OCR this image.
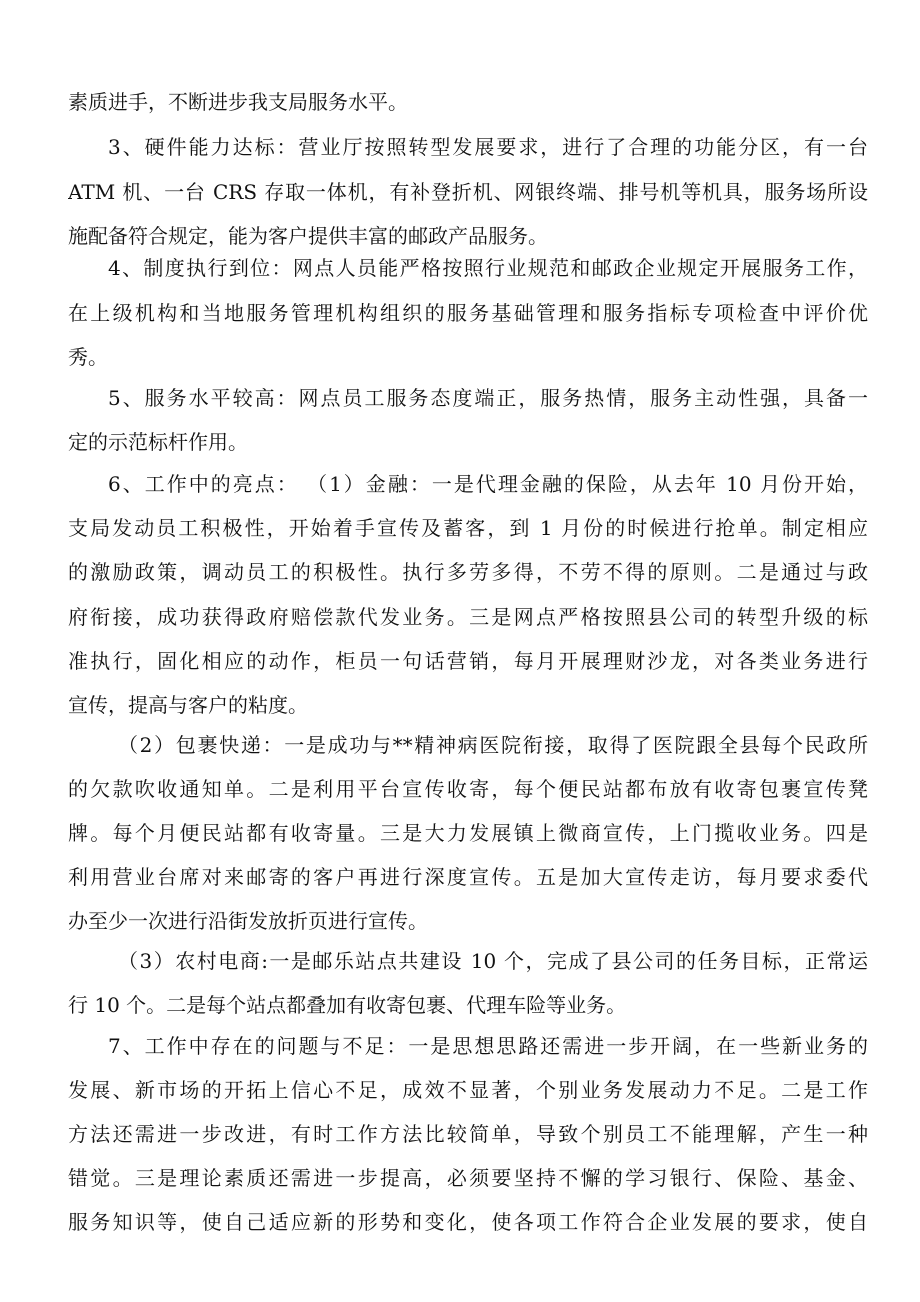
素质进手，不断进步我支局服务水平。
3、硬件能力达标：营业厅按照转型发展要求，进行了合理的功能分区，有一台
ATM 机、一台 CRS 存取一体机，有补登折机、网银终端、排号机等机具，服务场所设
施配备符合规定，能为客户提供丰富的邮政产品服务。
4、制度执行到位：网点人员能严格按照行业规范和邮政企业规定开展服务工作，
在上级机构和当地服务管理机构组织的服务基础管理和服务指标专项检查中评价优
秀。
5、服务水平较高：网点员工服务态度端正，服务热情，服务主动性强，具备一
定的示范标杆作用。
6、工作中的亮点： （1）金融：一是代理金融的保险，从去年 10 月份开始，
支局发动员工积极性，开始着手宣传及蓄客，到 1 月份的时候进行抢单。制定相应
的激励政策，调动员工的积极性。执行多劳多得，不劳不得的原则。二是通过与政
府衔接，成功获得政府赔偿款代发业务。三是网点严格按照县公司的转型升级的标
准执行，固化相应的动作，柜员一句话营销，每月开展理财沙龙，对各类业务进行
宣传，提高与客户的粘度。
（2）包裹快递：一是成功与**精神病医院衔接，取得了医院跟全县每个民政所
的欠款吹收通知单。二是利用平台宣传收寄，每个便民站都布放有收寄包裹宣传凳
牌。每个月便民站都有收寄量。三是大力发展镇上微商宣传，上门揽收业务。四是
利用营业台席对来邮寄的客户再进行深度宣传。五是加大宣传走访，每月要求委代
办至少一次进行沿街发放折页进行宣传。
（3）农村电商:一是邮乐站点共建设 10 个，完成了县公司的任务目标，正常运
行 10 个。二是每个站点都叠加有收寄包裹、代理车险等业务。
7、工作中存在的问题与不足：一是思想思路还需进一步开阔，在一些新业务的
发展、新市场的开拓上信心不足，成效不显著，个别业务发展动力不足。二是工作
方法还需进一步改进，有时工作方法比较简单，导致个别员工不能理解，产生一种
错觉。三是理论素质还需进一步提高，必须要坚持不懈的学习银行、保险、基金、
服务知识等，使自己适应新的形势和变化，使各项工作符合企业发展的要求，使自
